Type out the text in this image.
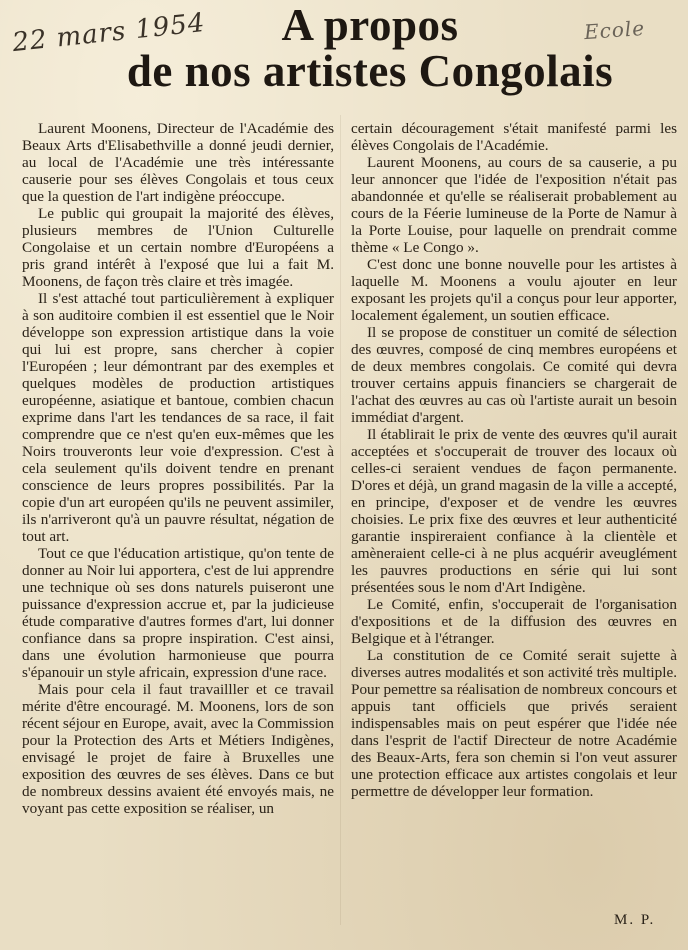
22 mars 1954	Ecole
A propos
de nos artistes Congolais

Laurent Moonens, Directeur de l'Académie des Beaux Arts d'Elisabethville a donné jeudi dernier, au local de l'Académie une très intéressante causerie pour ses élèves Congolais et tous ceux que la question de l'art indigène préoccupe.

Le public qui groupait la majorité des élèves, plusieurs membres de l'Union Culturelle Congolaise et un certain nombre d'Européens a pris grand intérêt à l'exposé que lui a fait M. Moonens, de façon très claire et très imagée.

Il s'est attaché tout particulièrement à expliquer à son auditoire combien il est essentiel que le Noir développe son expression artistique dans la voie qui lui est propre, sans chercher à copier l'Européen ; leur démontrant par des exemples et quelques modèles de production artistiques européenne, asiatique et bantoue, combien chacun exprime dans l'art les tendances de sa race, il fait comprendre que ce n'est qu'en eux-mêmes que les Noirs trouveronts leur voie d'expression. C'est à cela seulement qu'ils doivent tendre en prenant conscience de leurs propres possibilités. Par la copie d'un art européen qu'ils ne peuvent assimiler, ils n'arriveront qu'à un pauvre résultat, négation de tout art.

Tout ce que l'éducation artistique, qu'on tente de donner au Noir lui apportera, c'est de lui apprendre une technique où ses dons naturels puiseront une puissance d'expression accrue et, par la judicieuse étude comparative d'autres formes d'art, lui donner confiance dans sa propre inspiration. C'est ainsi, dans une évolution harmonieuse que pourra s'épanouir un style africain, expression d'une race.

Mais pour cela il faut travailller et ce travail mérite d'être encouragé. M. Moonens, lors de son récent séjour en Europe, avait, avec la Commission pour la Protection des Arts et Métiers Indigènes, envisagé le projet de faire à Bruxelles une exposition des œuvres de ses élèves. Dans ce but de nombreux dessins avaient été envoyés mais, ne voyant pas cette exposition se réaliser, un

certain découragement s'était manifesté parmi les élèves Congolais de l'Académie.

Laurent Moonens, au cours de sa causerie, a pu leur annoncer que l'idée de l'exposition n'était pas abandonnée et qu'elle se réaliserait probablement au cours de la Féerie lumineuse de la Porte de Namur à la Porte Louise, pour laquelle on prendrait comme thème « Le Congo ».

C'est donc une bonne nouvelle pour les artistes à laquelle M. Moonens a voulu ajouter en leur exposant les projets qu'il a conçus pour leur apporter, localement également, un soutien efficace.

Il se propose de constituer un comité de sélection des œuvres, composé de cinq membres européens et de deux membres congolais. Ce comité qui devra trouver certains appuis financiers se chargerait de l'achat des œuvres au cas où l'artiste aurait un besoin immédiat d'argent.

Il établirait le prix de vente des œuvres qu'il aurait acceptées et s'occuperait de trouver des locaux où celles-ci seraient vendues de façon permanente. D'ores et déjà, un grand magasin de la ville a accepté, en principe, d'exposer et de vendre les œuvres choisies. Le prix fixe des œuvres et leur authenticité garantie inspireraient confiance à la clientèle et amèneraient celle-ci à ne plus acquérir aveuglément les pauvres productions en série qui lui sont présentées sous le nom d'Art Indigène.

Le Comité, enfin, s'occuperait de l'organisation d'expositions et de la diffusion des œuvres en Belgique et à l'étranger.

La constitution de ce Comité serait sujette à diverses autres modalités et son activité très multiple. Pour pemettre sa réalisation de nombreux concours et appuis tant officiels que privés seraient indispensables mais on peut espérer que l'idée née dans l'esprit de l'actif Directeur de notre Académie des Beaux-Arts, fera son chemin si l'on veut assurer une protection efficace aux artistes congolais et leur permettre de développer leur formation.

M. P.
